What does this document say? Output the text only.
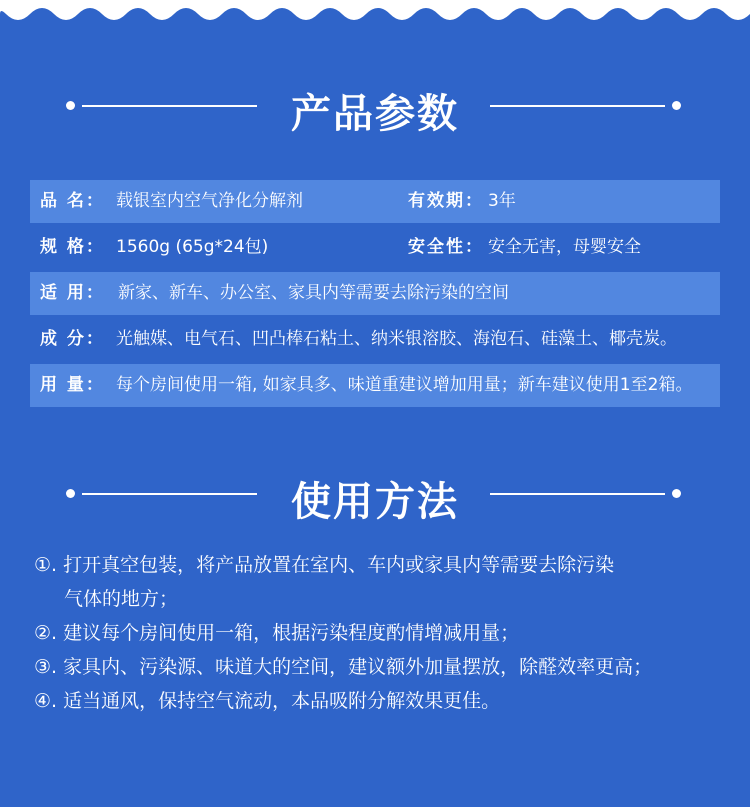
产品参数
品 名： 载银室内空气净化分解剂	有效期： 3年
规 格： 1560g (65g*24包)	安全性： 安全无害，母婴安全
适 用： 新家、新车、办公室、家具内等需要去除污染的空间
成 分： 光触媒、电气石、凹凸棒石粘土、纳米银溶胶、海泡石、硅藻土、椰壳炭。
用 量： 每个房间使用一箱, 如家具多、味道重建议增加用量；新车建议使用1至2箱。
使用方法
①. 打开真空包装，将产品放置在室内、车内或家具内等需要去除污染
气体的地方；
②. 建议每个房间使用一箱，根据污染程度酌情增减用量；
③. 家具内、污染源、味道大的空间，建议额外加量摆放，除醛效率更高；
④. 适当通风，保持空气流动，本品吸附分解效果更佳。
